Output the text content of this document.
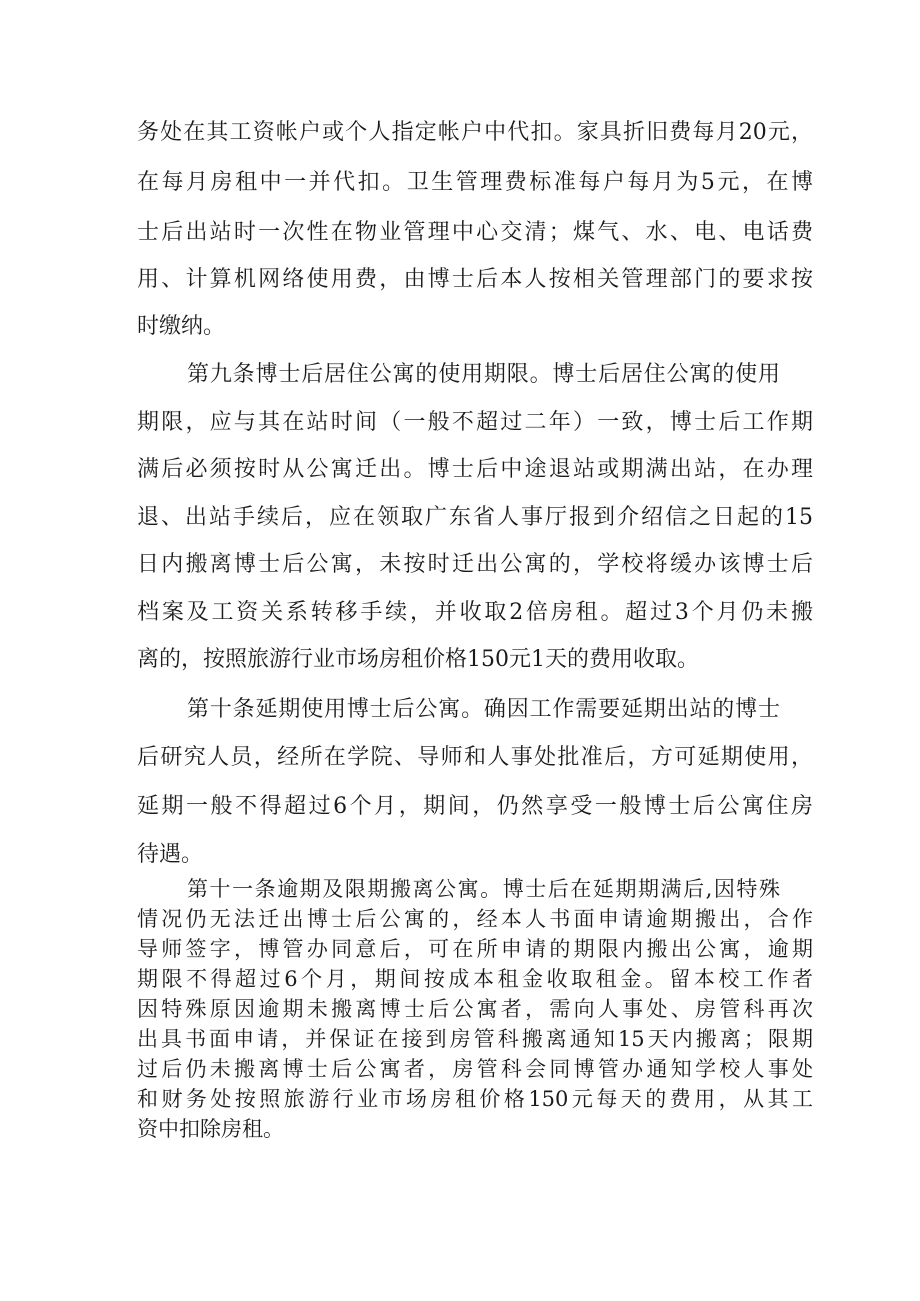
务处在其工资帐户或个人指定帐户中代扣。家具折旧费每月20元，
在每月房租中一并代扣。卫生管理费标准每户每月为5元，在博
士后出站时一次性在物业管理中心交清；煤气、水、电、电话费
用、计算机网络使用费，由博士后本人按相关管理部门的要求按
时缴纳。
第九条博士后居住公寓的使用期限。博士后居住公寓的使用
期限，应与其在站时间（一般不超过二年）一致，博士后工作期
满后必须按时从公寓迁出。博士后中途退站或期满出站，在办理
退、出站手续后，应在领取广东省人事厅报到介绍信之日起的15
日内搬离博士后公寓，未按时迁出公寓的，学校将缓办该博士后
档案及工资关系转移手续，并收取2倍房租。超过3个月仍未搬
离的，按照旅游行业市场房租价格150元1天的费用收取。
第十条延期使用博士后公寓。确因工作需要延期出站的博士
后研究人员，经所在学院、导师和人事处批准后，方可延期使用，
延期一般不得超过6个月，期间，仍然享受一般博士后公寓住房
待遇。
第十一条逾期及限期搬离公寓。博士后在延期期满后,因特殊
情况仍无法迁出博士后公寓的，经本人书面申请逾期搬出，合作
导师签字，博管办同意后，可在所申请的期限内搬出公寓，逾期
期限不得超过6个月，期间按成本租金收取租金。留本校工作者
因特殊原因逾期未搬离博士后公寓者，需向人事处、房管科再次
出具书面申请，并保证在接到房管科搬离通知15天内搬离；限期
过后仍未搬离博士后公寓者，房管科会同博管办通知学校人事处
和财务处按照旅游行业市场房租价格150元每天的费用，从其工
资中扣除房租。
